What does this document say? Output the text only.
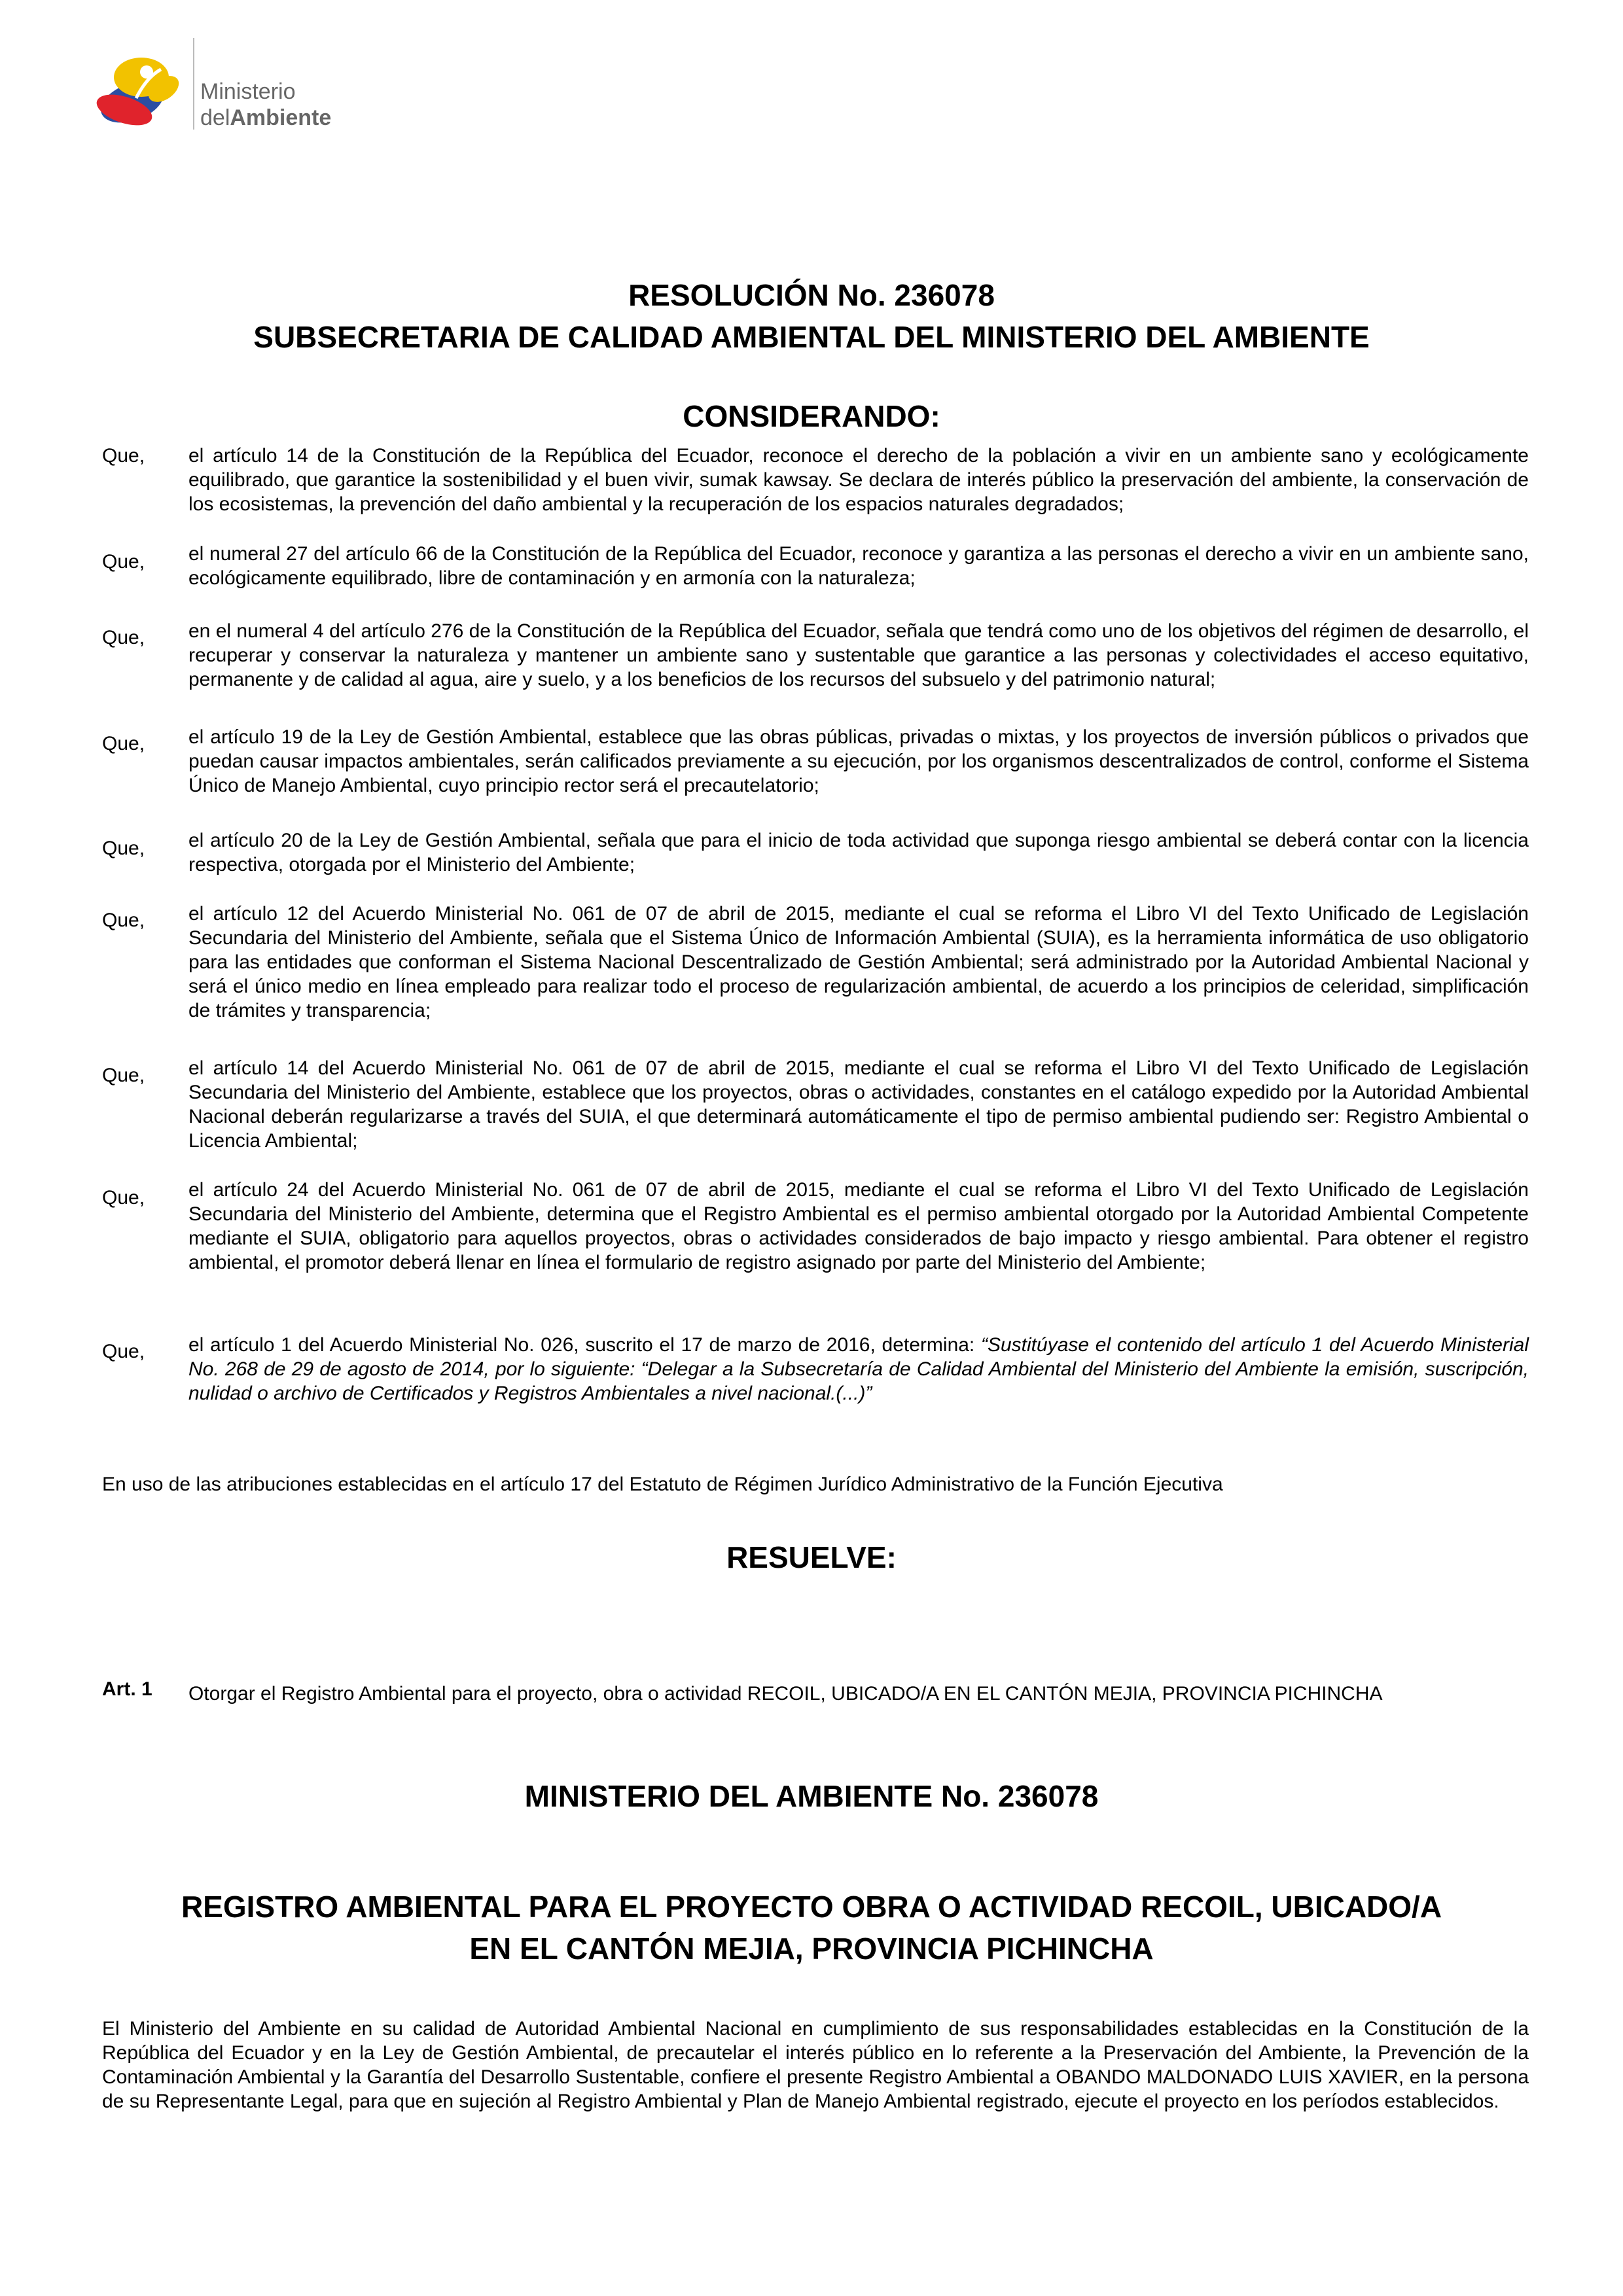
Ministerio
delAmbiente
RESOLUCIÓN No. 236078
SUBSECRETARIA DE CALIDAD AMBIENTAL DEL MINISTERIO DEL AMBIENTE
CONSIDERANDO:
Que, el artículo 14 de la Constitución de la República del Ecuador, reconoce el derecho de la población a vivir en un ambiente sano y ecológicamente equilibrado, que garantice la sostenibilidad y el buen vivir, sumak kawsay. Se declara de interés público la preservación del ambiente, la conservación de los ecosistemas, la prevención del daño ambiental y la recuperación de los espacios naturales degradados;
Que, el numeral 27 del artículo 66 de la Constitución de la República del Ecuador, reconoce y garantiza a las personas el derecho a vivir en un ambiente sano, ecológicamente equilibrado, libre de contaminación y en armonía con la naturaleza;
Que, en el numeral 4 del artículo 276 de la Constitución de la República del Ecuador, señala que tendrá como uno de los objetivos del régimen de desarrollo, el recuperar y conservar la naturaleza y mantener un ambiente sano y sustentable que garantice a las personas y colectividades el acceso equitativo, permanente y de calidad al agua, aire y suelo, y a los beneficios de los recursos del subsuelo y del patrimonio natural;
Que, el artículo 19 de la Ley de Gestión Ambiental, establece que las obras públicas, privadas o mixtas, y los proyectos de inversión públicos o privados que puedan causar impactos ambientales, serán calificados previamente a su ejecución, por los organismos descentralizados de control, conforme el Sistema Único de Manejo Ambiental, cuyo principio rector será el precautelatorio;
Que, el artículo 20 de la Ley de Gestión Ambiental, señala que para el inicio de toda actividad que suponga riesgo ambiental se deberá contar con la licencia respectiva, otorgada por el Ministerio del Ambiente;
Que, el artículo 12 del Acuerdo Ministerial No. 061 de 07 de abril de 2015, mediante el cual se reforma el Libro VI del Texto Unificado de Legislación Secundaria del Ministerio del Ambiente, señala que el Sistema Único de Información Ambiental (SUIA), es la herramienta informática de uso obligatorio para las entidades que conforman el Sistema Nacional Descentralizado de Gestión Ambiental; será administrado por la Autoridad Ambiental Nacional y será el único medio en línea empleado para realizar todo el proceso de regularización ambiental, de acuerdo a los principios de celeridad, simplificación de trámites y transparencia;
Que, el artículo 14 del Acuerdo Ministerial No. 061 de 07 de abril de 2015, mediante el cual se reforma el Libro VI del Texto Unificado de Legislación Secundaria del Ministerio del Ambiente, establece que los proyectos, obras o actividades, constantes en el catálogo expedido por la Autoridad Ambiental Nacional deberán regularizarse a través del SUIA, el que determinará automáticamente el tipo de permiso ambiental pudiendo ser: Registro Ambiental o Licencia Ambiental;
Que, el artículo 24 del Acuerdo Ministerial No. 061 de 07 de abril de 2015, mediante el cual se reforma el Libro VI del Texto Unificado de Legislación Secundaria del Ministerio del Ambiente, determina que el Registro Ambiental es el permiso ambiental otorgado por la Autoridad Ambiental Competente mediante el SUIA, obligatorio para aquellos proyectos, obras o actividades considerados de bajo impacto y riesgo ambiental. Para obtener el registro ambiental, el promotor deberá llenar en línea el formulario de registro asignado por parte del Ministerio del Ambiente;
Que, el artículo 1 del Acuerdo Ministerial No. 026, suscrito el 17 de marzo de 2016, determina: “Sustitúyase el contenido del artículo 1 del Acuerdo Ministerial No. 268 de 29 de agosto de 2014, por lo siguiente: “Delegar a la Subsecretaría de Calidad Ambiental del Ministerio del Ambiente la emisión, suscripción, nulidad o archivo de Certificados y Registros Ambientales a nivel nacional.(...)”
En uso de las atribuciones establecidas en el artículo 17 del Estatuto de Régimen Jurídico Administrativo de la Función Ejecutiva
RESUELVE:
Art. 1 Otorgar el Registro Ambiental para el proyecto, obra o actividad RECOIL, UBICADO/A EN EL CANTÓN MEJIA, PROVINCIA PICHINCHA
MINISTERIO DEL AMBIENTE No. 236078
REGISTRO AMBIENTAL PARA EL PROYECTO OBRA O ACTIVIDAD RECOIL, UBICADO/A
EN EL CANTÓN MEJIA, PROVINCIA PICHINCHA
El Ministerio del Ambiente en su calidad de Autoridad Ambiental Nacional en cumplimiento de sus responsabilidades establecidas en la Constitución de la República del Ecuador y en la Ley de Gestión Ambiental, de precautelar el interés público en lo referente a la Preservación del Ambiente, la Prevención de la Contaminación Ambiental y la Garantía del Desarrollo Sustentable, confiere el presente Registro Ambiental a OBANDO MALDONADO LUIS XAVIER, en la persona de su Representante Legal, para que en sujeción al Registro Ambiental y Plan de Manejo Ambiental registrado, ejecute el proyecto en los períodos establecidos.
